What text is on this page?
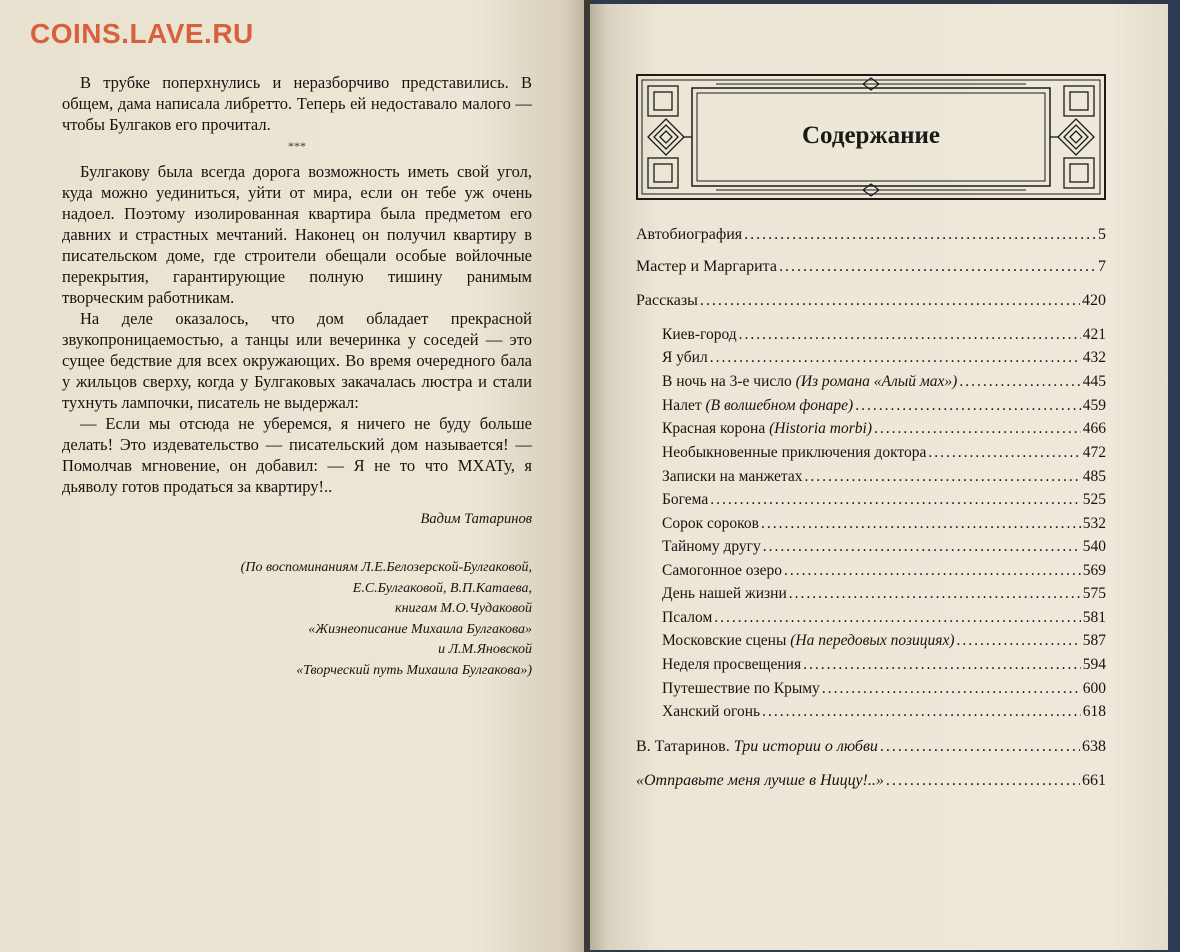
COINS.LAVE.RU

В трубке поперхнулись и неразборчиво представились. В общем, дама написала либретто. Теперь ей недоставало малого — чтобы Булгаков его прочитал.

***

Булгакову была всегда дорога возможность иметь свой угол, куда можно уединиться, уйти от мира, если он тебе уж очень надоел. Поэтому изолированная квартира была предметом его давних и страстных мечтаний. Наконец он получил квартиру в писательском доме, где строители обещали особые войлочные перекрытия, гарантирующие полную тишину ранимым творческим работникам.

На деле оказалось, что дом обладает прекрасной звукопроницаемостью, а танцы или вечеринка у соседей — это сущее бедствие для всех окружающих. Во время очередного бала у жильцов сверху, когда у Булгаковых закачалась люстра и стали тухнуть лампочки, писатель не выдержал:

— Если мы отсюда не уберемся, я ничего не буду больше делать! Это издевательство — писательский дом называется! — Помолчав мгновение, он добавил: — Я не то что МХАТу, я дьяволу готов продаться за квартиру!..

Вадим Татаринов
(По воспоминаниям Л.Е.Белозерской-Булгаковой,
Е.С.Булгаковой, В.П.Катаева,
книгам М.О.Чудаковой
«Жизнеописание Михаила Булгакова»
и Л.М.Яновской
«Творческий путь Михаила Булгакова»)
Содержание
Автобиография .....	5
Мастер и Маргарита .....	7
Рассказы .....	420
Киев-город .....	421
Я убил .....	432
В ночь на 3-е число (Из романа «Алый мах») .....	445
Налет (В волшебном фонаре) .....	459
Красная корона (Historia morbi) .....	466
Необыкновенные приключения доктора .....	472
Записки на манжетах .....	485
Богема .....	525
Сорок сороков .....	532
Тайному другу .....	540
Самогонное озеро .....	569
День нашей жизни .....	575
Псалом .....	581
Московские сцены (На передовых позициях) .....	587
Неделя просвещения .....	594
Путешествие по Крыму .....	600
Ханский огонь .....	618
В. Татаринов. Три истории о любви .....	638
«Отправьте меня лучше в Ниццу!..» .....	661
